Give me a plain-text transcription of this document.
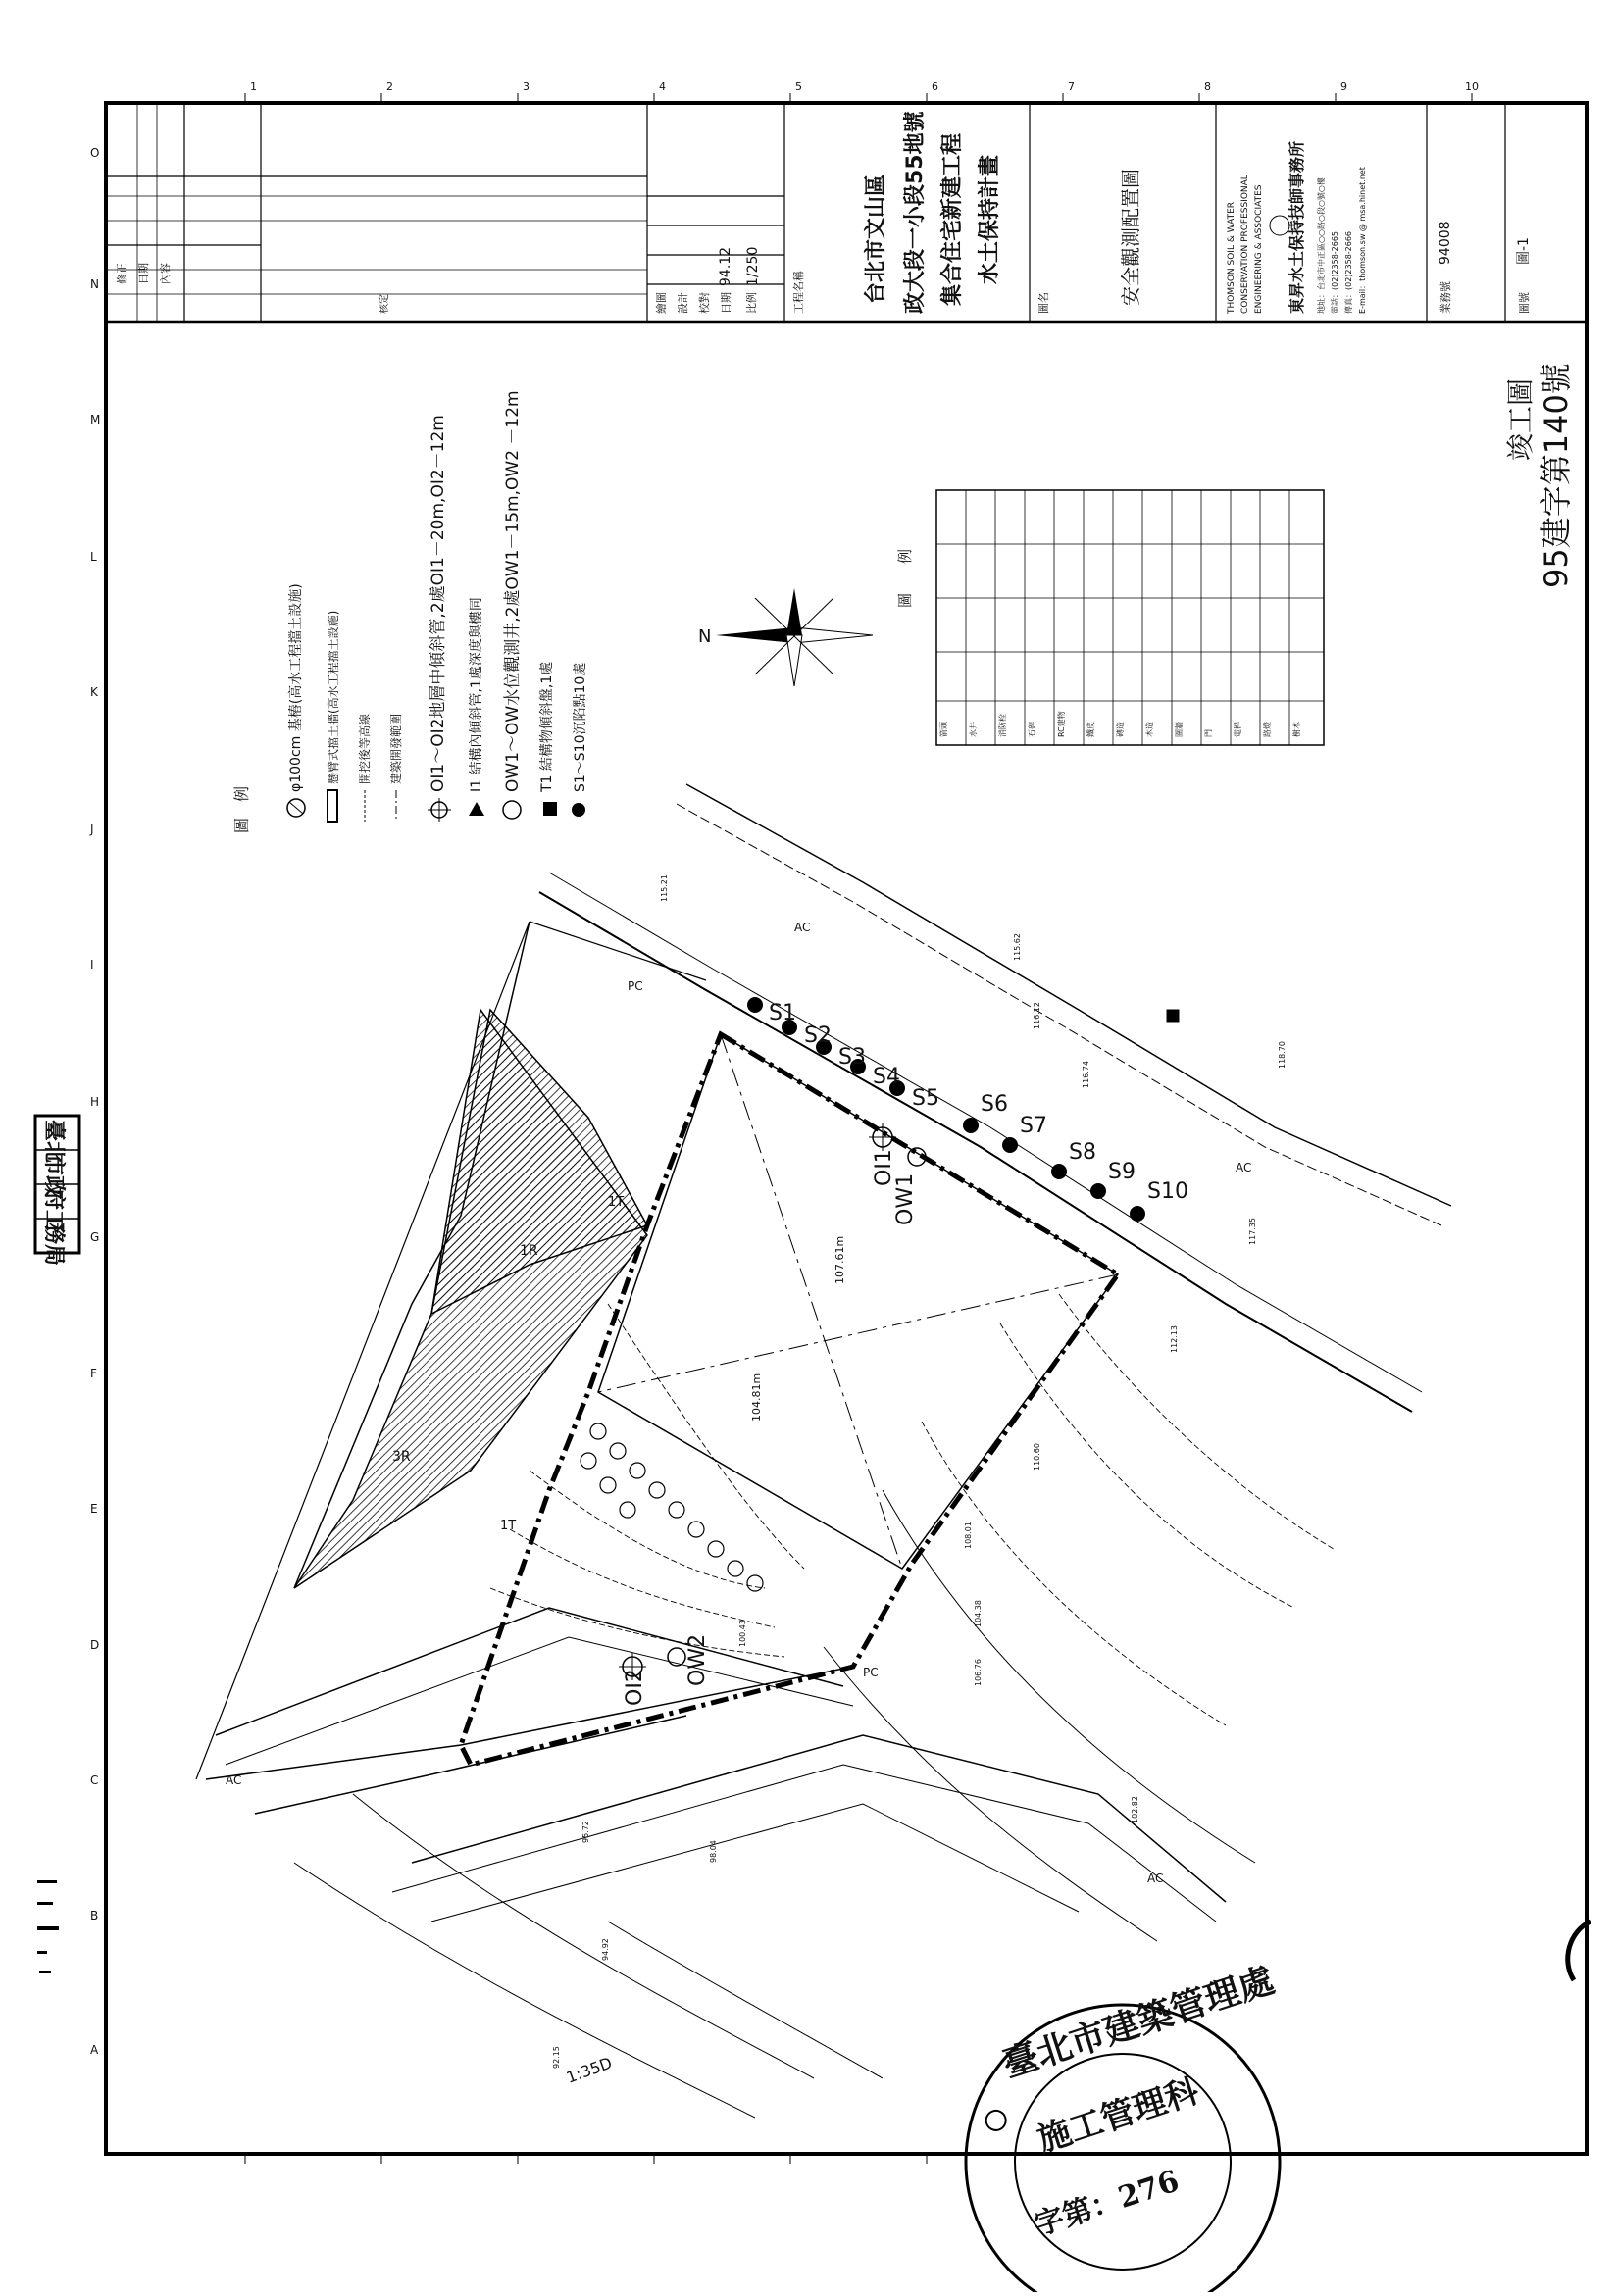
1	2	3	4	5	6	7	8	9	10
O
N
M
L
K
J
I
H
G
F
E
D
C
B
A
修正 日期 內容
核定	繪圖 設計 校對 日期
94.12
比例
1/250
工程名稱	台北市文山區 政大段一小段55地號 集合住宅新建工程 水土保持計畫
圖名	安全觀測配置圖	THOMSON SOIL & WATER CONSERVATION PROFESSIONAL ENGINEERING & ASSOCIATES 東昇水土保持技師事務所 地址：台北市中正區○○路○段○號○樓 電話：(02)2358-2665 傳真：(02)2358-2666 E-mail：thomson.sw @ msa.hinet.net	業務號
94008
圖號
圖-1
臺北
市政
府工
務局
竣工圖 95建字第140號
圖　例
φ100cm 基樁(高水工程擋土設施) 懸臂式擋土牆(高水工程擋土設施) 開挖後等高線 建築開發範圍 OI1～OI2地層中傾斜管,2處OI1－20m,OI2－12m I1 結構內傾斜管,1處深度與樓同 OW1～OW水位觀測井,2處OW1－15m,OW2 －12m T1 結構物傾斜盤,1處 S1～S10沉陷點10處
N
圖　　例
箭頭	水井	消防栓	石碑	RC建物	鐵皮	磚造	木造	圍牆	門	電桿	路燈	樹木
S1
S2
S3
S4
S5 S6
S7
S8
S9
S10
OI1
OW1
OI2
OW2
1R
3R
1T
1T
AC
AC
AC
AC
PC
PC
1:35D
107.61m
104.81m
115.62
116.12
117.35
118.70
112.13
110.60
108.01
106.76
104.38
102.82
100.43
98.04
95.72
94.92
92.15
115.21
116.74
臺北市建築管理處
施工管理科
字第：276
